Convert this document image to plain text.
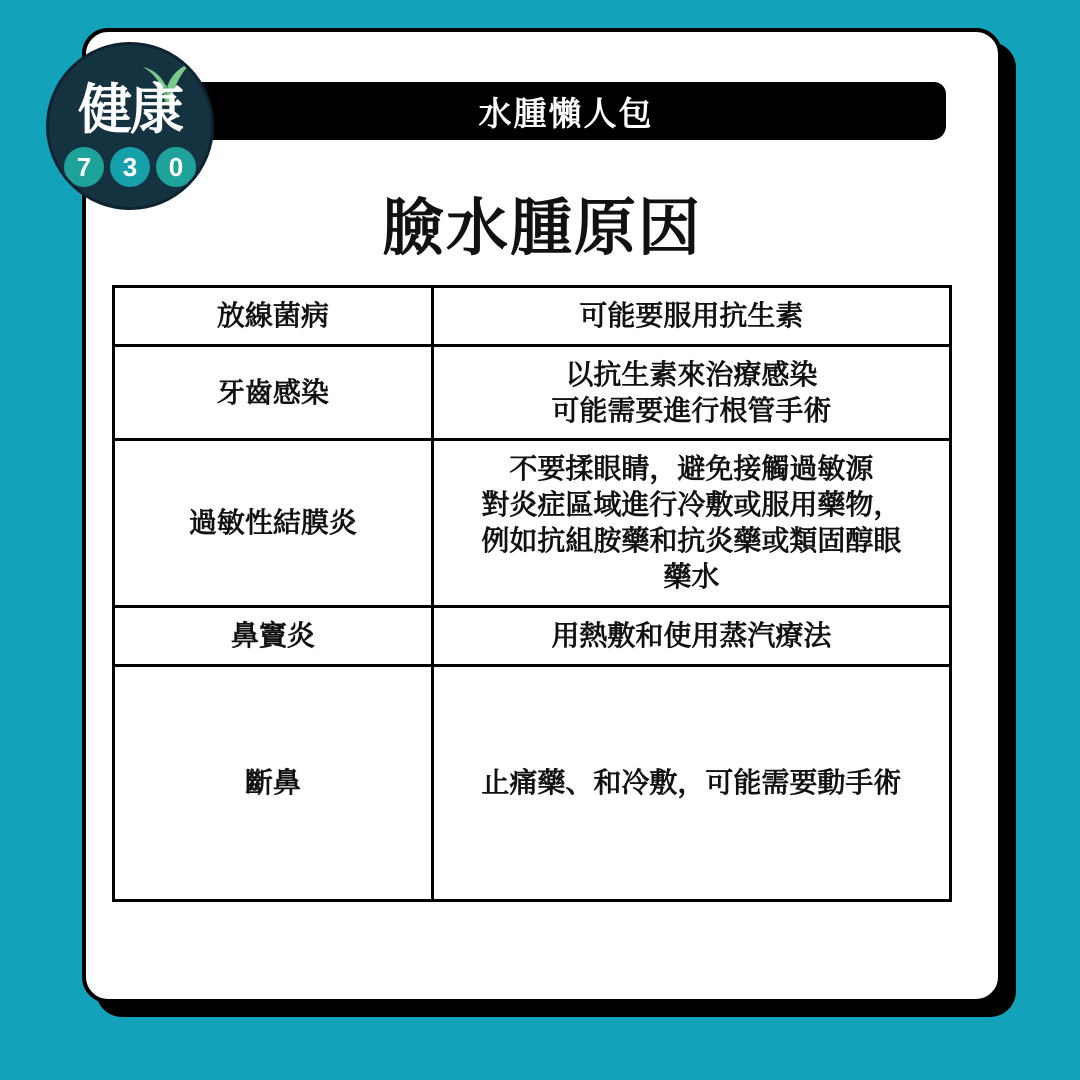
水腫懶人包
健康
7	3	0
臉水腫原因
放線菌病	可能要服用抗生素

牙齒感染	以抗生素來治療感染
可能需要進行根管手術

過敏性結膜炎	不要揉眼睛，避免接觸過敏源
對炎症區域進行冷敷或服用藥物，
例如抗組胺藥和抗炎藥或類固醇眼
藥水

鼻竇炎	用熱敷和使用蒸汽療法

斷鼻	止痛藥、和冷敷，可能需要動手術
